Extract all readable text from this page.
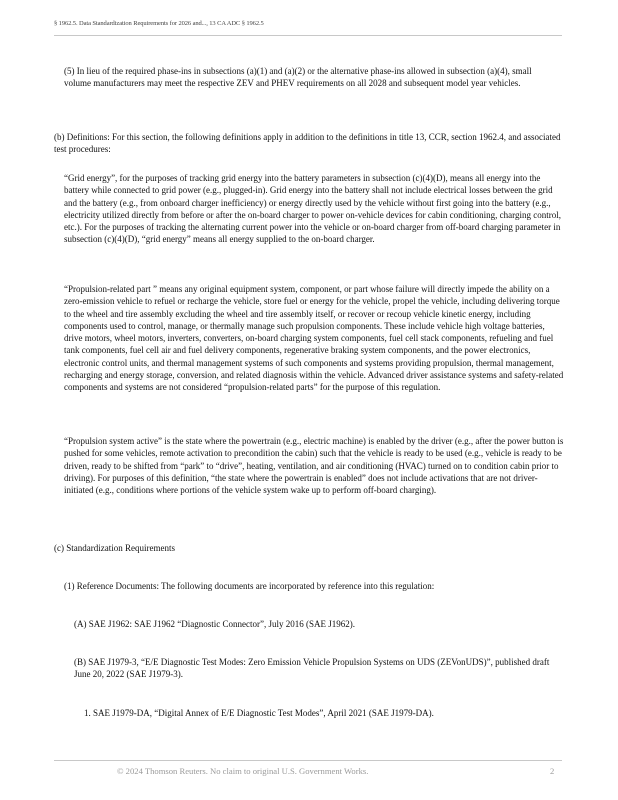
§ 1962.5. Data Standardization Requirements for 2026 and..., 13 CA ADC § 1962.5

(5) In lieu of the required phase-ins in subsections (a)(1) and (a)(2) or the alternative phase-ins allowed in subsection (a)(4), small volume manufacturers may meet the respective ZEV and PHEV requirements on all 2028 and subsequent model year vehicles.

(b) Definitions: For this section, the following definitions apply in addition to the definitions in title 13, CCR, section 1962.4, and associated test procedures:

“Grid energy”, for the purposes of tracking grid energy into the battery parameters in subsection (c)(4)(D), means all energy into the battery while connected to grid power (e.g., plugged-in). Grid energy into the battery shall not include electrical losses between the grid and the battery (e.g., from onboard charger inefficiency) or energy directly used by the vehicle without first going into the battery (e.g., electricity utilized directly from before or after the on-board charger to power on-vehicle devices for cabin conditioning, charging control, etc.). For the purposes of tracking the alternating current power into the vehicle or on-board charger from off-board charging parameter in subsection (c)(4)(D), “grid energy” means all energy supplied to the on-board charger.

“Propulsion-related part ” means any original equipment system, component, or part whose failure will directly impede the ability on a zero-emission vehicle to refuel or recharge the vehicle, store fuel or energy for the vehicle, propel the vehicle, including delivering torque to the wheel and tire assembly excluding the wheel and tire assembly itself, or recover or recoup vehicle kinetic energy, including components used to control, manage, or thermally manage such propulsion components. These include vehicle high voltage batteries, drive motors, wheel motors, inverters, converters, on-board charging system components, fuel cell stack components, refueling and fuel tank components, fuel cell air and fuel delivery components, regenerative braking system components, and the power electronics, electronic control units, and thermal management systems of such components and systems providing propulsion, thermal management, recharging and energy storage, conversion, and related diagnosis within the vehicle. Advanced driver assistance systems and safety-related components and systems are not considered “propulsion-related parts” for the purpose of this regulation.

“Propulsion system active” is the state where the powertrain (e.g., electric machine) is enabled by the driver (e.g., after the power button is pushed for some vehicles, remote activation to precondition the cabin) such that the vehicle is ready to be used (e.g., vehicle is ready to be driven, ready to be shifted from “park” to “drive”, heating, ventilation, and air conditioning (HVAC) turned on to condition cabin prior to driving). For purposes of this definition, “the state where the powertrain is enabled” does not include activations that are not driver-initiated (e.g., conditions where portions of the vehicle system wake up to perform off-board charging).

(c) Standardization Requirements

(1) Reference Documents: The following documents are incorporated by reference into this regulation:

(A) SAE J1962: SAE J1962 “Diagnostic Connector”, July 2016 (SAE J1962).

(B) SAE J1979-3, “E/E Diagnostic Test Modes: Zero Emission Vehicle Propulsion Systems on UDS (ZEVonUDS)”, published draft June 20, 2022 (SAE J1979-3).

1. SAE J1979-DA, “Digital Annex of E/E Diagnostic Test Modes”, April 2021 (SAE J1979-DA).

© 2024 Thomson Reuters. No claim to original U.S. Government Works.	2
